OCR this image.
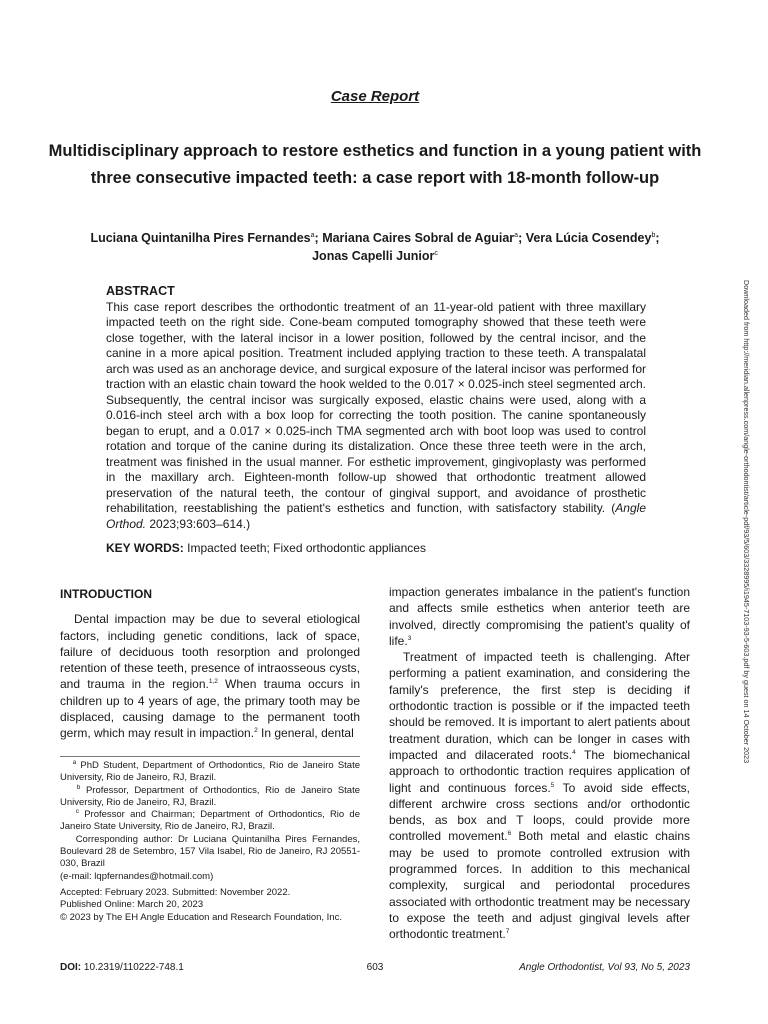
Case Report
Multidisciplinary approach to restore esthetics and function in a young patient with three consecutive impacted teeth: a case report with 18-month follow-up
Luciana Quintanilha Pires Fernandes$^a$; Mariana Caires Sobral de Aguiar$^a$; Vera Lúcia Cosendey$^b$;
Jonas Capelli Junior$^c$
ABSTRACT

This case report describes the orthodontic treatment of an 11-year-old patient with three maxillary impacted teeth on the right side. Cone-beam computed tomography showed that these teeth were close together, with the lateral incisor in a lower position, followed by the central incisor, and the canine in a more apical position. Treatment included applying traction to these teeth. A transpalatal arch was used as an anchorage device, and surgical exposure of the lateral incisor was performed for traction with an elastic chain toward the hook welded to the 0.017 × 0.025-inch steel segmented arch. Subsequently, the central incisor was surgically exposed, elastic chains were used, along with a 0.016-inch steel arch with a box loop for correcting the tooth position. The canine spontaneously began to erupt, and a 0.017 × 0.025-inch TMA segmented arch with boot loop was used to control rotation and torque of the canine during its distalization. Once these three teeth were in the arch, treatment was finished in the usual manner. For esthetic improvement, gingivoplasty was performed in the maxillary arch. Eighteen-month follow-up showed that orthodontic treatment allowed preservation of the natural teeth, the contour of gingival support, and avoidance of prosthetic rehabilitation, reestablishing the patient's esthetics and function, with satisfactory stability. (Angle Orthod. 2023;93:603–614.)

KEY WORDS: Impacted teeth; Fixed orthodontic appliances	Downloaded from http://meridian.allenpress.com/angle-orthodontist/article-pdf/93/5/603/3328995/i1945-7103-93-5-603.pdf by guest on 14 October 2023
INTRODUCTION

Dental impaction may be due to several etiological factors, including genetic conditions, lack of space, failure of deciduous tooth resorption and prolonged retention of these teeth, presence of intraosseous cysts, and trauma in the region.$^{1,2}$ When trauma occurs in children up to 4 years of age, the primary tooth may be displaced, causing damage to the permanent tooth germ, which may result in impaction.$^2$ In general, dental

$^a$ PhD Student, Department of Orthodontics, Rio de Janeiro State University, Rio de Janeiro, RJ, Brazil.

$^b$ Professor, Department of Orthodontics, Rio de Janeiro State University, Rio de Janeiro, RJ, Brazil.

$^c$ Professor and Chairman; Department of Orthodontics, Rio de Janeiro State University, Rio de Janeiro, RJ, Brazil.

Corresponding author: Dr Luciana Quintanilha Pires Fernandes, Boulevard 28 de Setembro, 157 Vila Isabel, Rio de Janeiro, RJ 20551-030, Brazil

(e-mail: lqpfernandes@hotmail.com)

Accepted: February 2023. Submitted: November 2022.

Published Online: March 20, 2023

© 2023 by The EH Angle Education and Research Foundation, Inc.

impaction generates imbalance in the patient's function and affects smile esthetics when anterior teeth are involved, directly compromising the patient's quality of life.$^3$

Treatment of impacted teeth is challenging. After performing a patient examination, and considering the family's preference, the first step is deciding if orthodontic traction is possible or if the impacted teeth should be removed. It is important to alert patients about treatment duration, which can be longer in cases with impacted and dilacerated roots.$^4$ The biomechanical approach to orthodontic traction requires application of light and continuous forces.$^5$ To avoid side effects, different archwire cross sections and/or orthodontic bends, as box and T loops, could provide more controlled movement.$^6$ Both metal and elastic chains may be used to promote controlled extrusion with programmed forces. In addition to this mechanical complexity, surgical and periodontal procedures associated with orthodontic treatment may be necessary to expose the teeth and adjust gingival levels after orthodontic treatment.$^7$

DOI: 10.2319/110222-748.1	603	Angle Orthodontist, Vol 93, No 5, 2023
